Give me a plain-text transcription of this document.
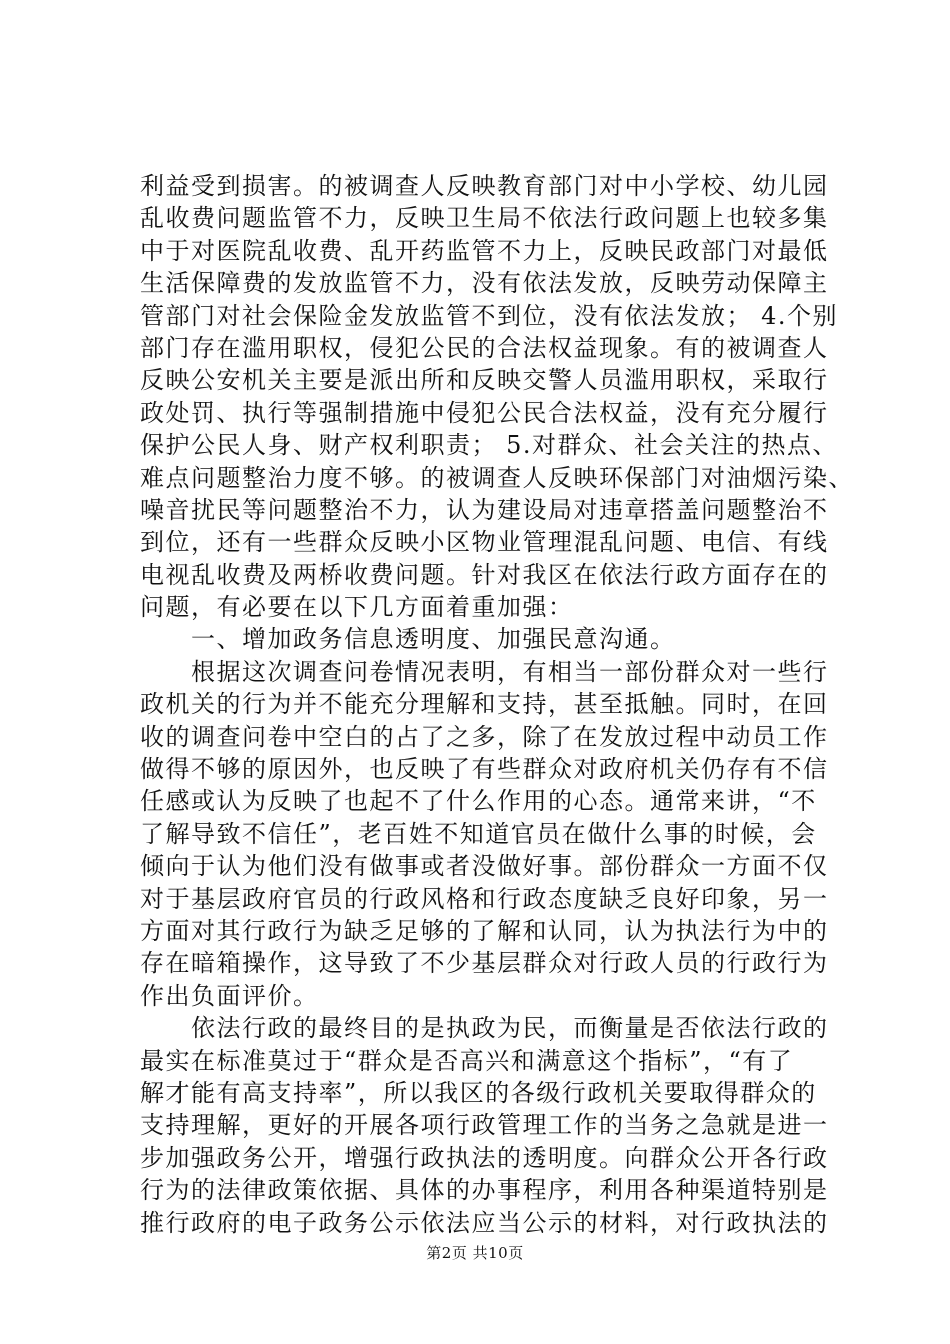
利益受到损害。的被调查人反映教育部门对中小学校、幼儿园
乱收费问题监管不力，反映卫生局不依法行政问题上也较多集
中于对医院乱收费、乱开药监管不力上，反映民政部门对最低
生活保障费的发放监管不力，没有依法发放，反映劳动保障主
管部门对社会保险金发放监管不到位，没有依法发放； 4.个别
部门存在滥用职权，侵犯公民的合法权益现象。有的被调查人
反映公安机关主要是派出所和反映交警人员滥用职权，采取行
政处罚、执行等强制措施中侵犯公民合法权益，没有充分履行
保护公民人身、财产权利职责； 5.对群众、社会关注的热点、
难点问题整治力度不够。的被调查人反映环保部门对油烟污染、
噪音扰民等问题整治不力，认为建设局对违章搭盖问题整治不
到位，还有一些群众反映小区物业管理混乱问题、电信、有线
电视乱收费及两桥收费问题。针对我区在依法行政方面存在的
问题，有必要在以下几方面着重加强：
　　一、增加政务信息透明度、加强民意沟通。
　　根据这次调查问卷情况表明，有相当一部份群众对一些行
政机关的行为并不能充分理解和支持，甚至抵触。同时，在回
收的调查问卷中空白的占了之多，除了在发放过程中动员工作
做得不够的原因外，也反映了有些群众对政府机关仍存有不信
任感或认为反映了也起不了什么作用的心态。通常来讲，“不
了解导致不信任”，老百姓不知道官员在做什么事的时候，会
倾向于认为他们没有做事或者没做好事。部份群众一方面不仅
对于基层政府官员的行政风格和行政态度缺乏良好印象，另一
方面对其行政行为缺乏足够的了解和认同，认为执法行为中的
存在暗箱操作，这导致了不少基层群众对行政人员的行政行为
作出负面评价。
　　依法行政的最终目的是执政为民，而衡量是否依法行政的
最实在标准莫过于“群众是否高兴和满意这个指标”，“有了
解才能有高支持率”，所以我区的各级行政机关要取得群众的
支持理解，更好的开展各项行政管理工作的当务之急就是进一
步加强政务公开，增强行政执法的透明度。向群众公开各行政
行为的法律政策依据、具体的办事程序，利用各种渠道特别是
推行政府的电子政务公示依法应当公示的材料，对行政执法的
第2页 共10页
